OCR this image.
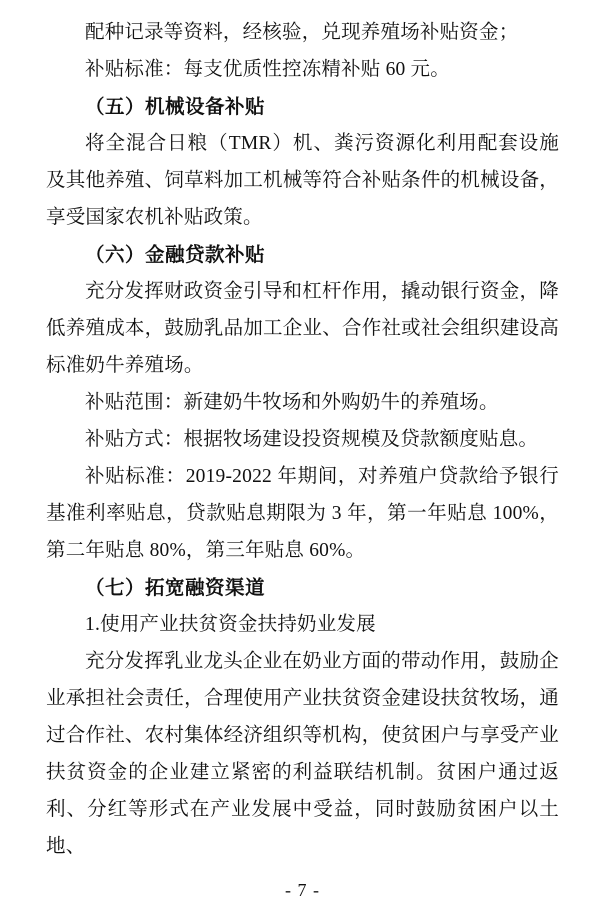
配种记录等资料，经核验，兑现养殖场补贴资金；

补贴标准：每支优质性控冻精补贴 60 元。

（五）机械设备补贴

将全混合日粮（TMR）机、粪污资源化利用配套设施及其他养殖、饲草料加工机械等符合补贴条件的机械设备，享受国家农机补贴政策。

（六）金融贷款补贴

充分发挥财政资金引导和杠杆作用，撬动银行资金，降低养殖成本，鼓励乳品加工企业、合作社或社会组织建设高标准奶牛养殖场。

补贴范围：新建奶牛牧场和外购奶牛的养殖场。

补贴方式：根据牧场建设投资规模及贷款额度贴息。

补贴标准：2019-2022 年期间，对养殖户贷款给予银行基准利率贴息，贷款贴息期限为 3 年，第一年贴息 100%，第二年贴息 80%，第三年贴息 60%。

（七）拓宽融资渠道

1.使用产业扶贫资金扶持奶业发展

充分发挥乳业龙头企业在奶业方面的带动作用，鼓励企业承担社会责任，合理使用产业扶贫资金建设扶贫牧场，通过合作社、农村集体经济组织等机构，使贫困户与享受产业扶贫资金的企业建立紧密的利益联结机制。贫困户通过返利、分红等形式在产业发展中受益，同时鼓励贫困户以土地、

- 7 -
